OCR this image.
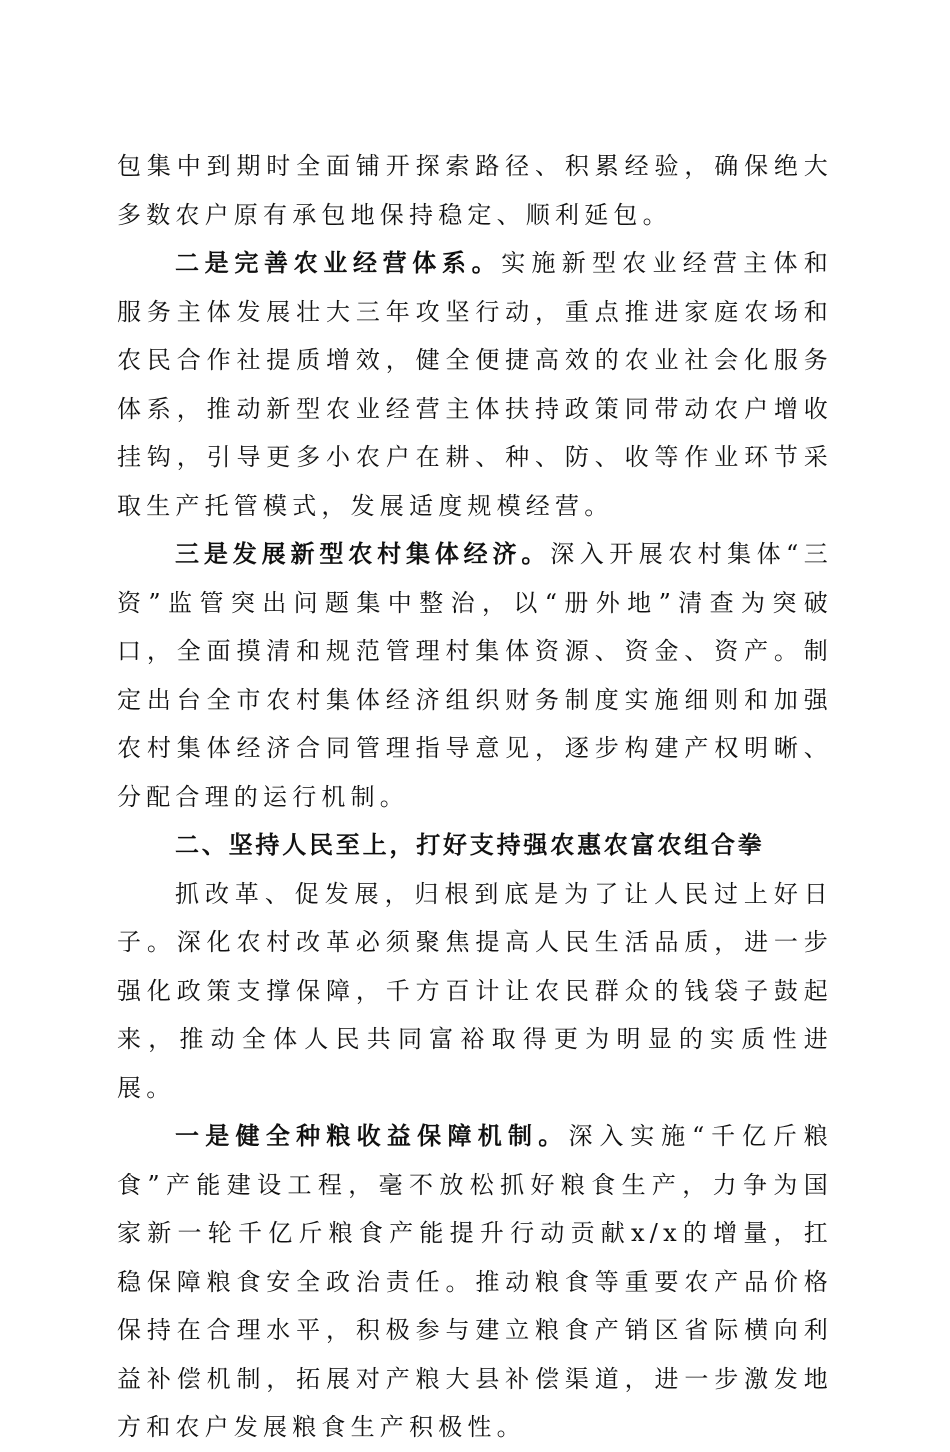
包集中到期时全面铺开探索路径、积累经验，确保绝大多数农户原有承包地保持稳定、顺利延包。

二是完善农业经营体系。实施新型农业经营主体和服务主体发展壮大三年攻坚行动，重点推进家庭农场和农民合作社提质增效，健全便捷高效的农业社会化服务体系，推动新型农业经营主体扶持政策同带动农户增收挂钩，引导更多小农户在耕、种、防、收等作业环节采取生产托管模式，发展适度规模经营。

三是发展新型农村集体经济。深入开展农村集体“三资”监管突出问题集中整治，以“册外地”清查为突破口，全面摸清和规范管理村集体资源、资金、资产。制定出台全市农村集体经济组织财务制度实施细则和加强农村集体经济合同管理指导意见，逐步构建产权明晰、分配合理的运行机制。

二、坚持人民至上，打好支持强农惠农富农组合拳

抓改革、促发展，归根到底是为了让人民过上好日子。深化农村改革必须聚焦提高人民生活品质，进一步强化政策支撑保障，千方百计让农民群众的钱袋子鼓起来，推动全体人民共同富裕取得更为明显的实质性进展。

一是健全种粮收益保障机制。深入实施“千亿斤粮食”产能建设工程，毫不放松抓好粮食生产，力争为国家新一轮千亿斤粮食产能提升行动贡献x/x的增量，扛稳保障粮食安全政治责任。推动粮食等重要农产品价格保持在合理水平，积极参与建立粮食产销区省际横向利益补偿机制，拓展对产粮大县补偿渠道，进一步激发地方和农户发展粮食生产积极性。
